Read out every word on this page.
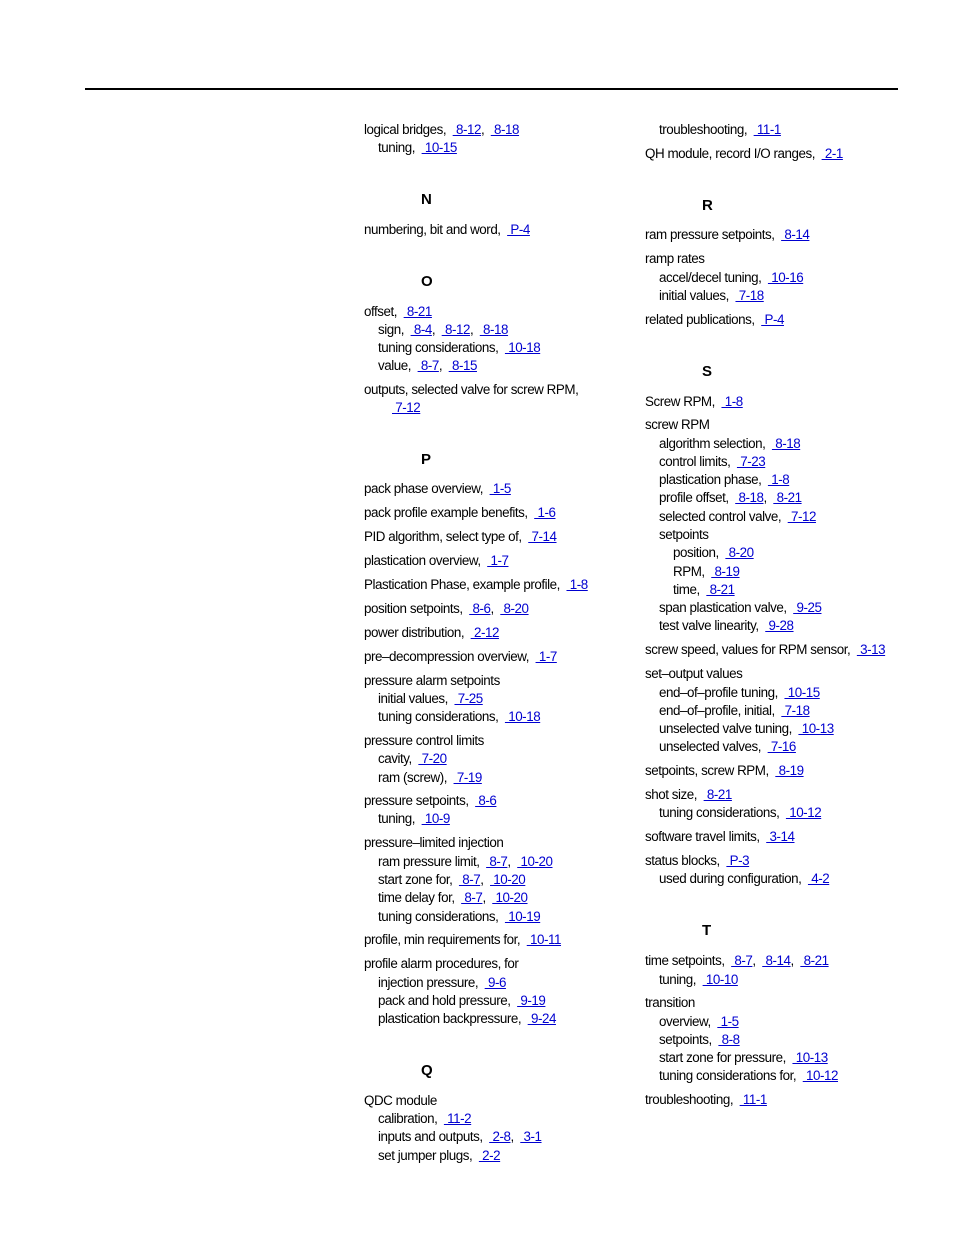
logical bridges,   8-12,   8-18
tuning,   10-15
N
numbering, bit and word,   P-4
O
offset,   8-21
sign,   8-4,   8-12,   8-18
tuning considerations,   10-18
value,   8-7,   8-15
outputs, selected valve for screw RPM,
7-12
P
pack phase overview,   1-5
pack profile example benefits,   1-6
PID algorithm, select type of,   7-14
plastication overview,   1-7
Plastication Phase, example profile,   1-8
position setpoints,   8-6,   8-20
power distribution,   2-12
pre–decompression overview,   1-7
pressure alarm setpoints
initial values,   7-25
tuning considerations,   10-18
pressure control limits
cavity,   7-20
ram (screw),   7-19
pressure setpoints,   8-6
tuning,   10-9
pressure–limited injection
ram pressure limit,   8-7,   10-20
start zone for,   8-7,   10-20
time delay for,   8-7,   10-20
tuning considerations,   10-19
profile, min requirements for,   10-11
profile alarm procedures, for
injection pressure,   9-6
pack and hold pressure,   9-19
plastication backpressure,   9-24
Q
QDC module
calibration,   11-2
inputs and outputs,   2-8,   3-1
set jumper plugs,   2-2
troubleshooting,   11-1
QH module, record I/O ranges,   2-1
R
ram pressure setpoints,   8-14
ramp rates
accel/decel tuning,   10-16
initial values,   7-18
related publications,   P-4
S
Screw RPM,   1-8
screw RPM
algorithm selection,   8-18
control limits,   7-23
plastication phase,   1-8
profile offset,   8-18,   8-21
selected control valve,   7-12
setpoints
position,   8-20
RPM,   8-19
time,   8-21
span plastication valve,   9-25
test valve linearity,   9-28
screw speed, values for RPM sensor,   3-13
set–output values
end–of–profile tuning,   10-15
end–of–profile, initial,   7-18
unselected valve tuning,   10-13
unselected valves,   7-16
setpoints, screw RPM,   8-19
shot size,   8-21
tuning considerations,   10-12
software travel limits,   3-14
status blocks,   P-3
used during configuration,   4-2
T
time setpoints,   8-7,   8-14,   8-21
tuning,   10-10
transition
overview,   1-5
setpoints,   8-8
start zone for pressure,   10-13
tuning considerations for,   10-12
troubleshooting,   11-1
